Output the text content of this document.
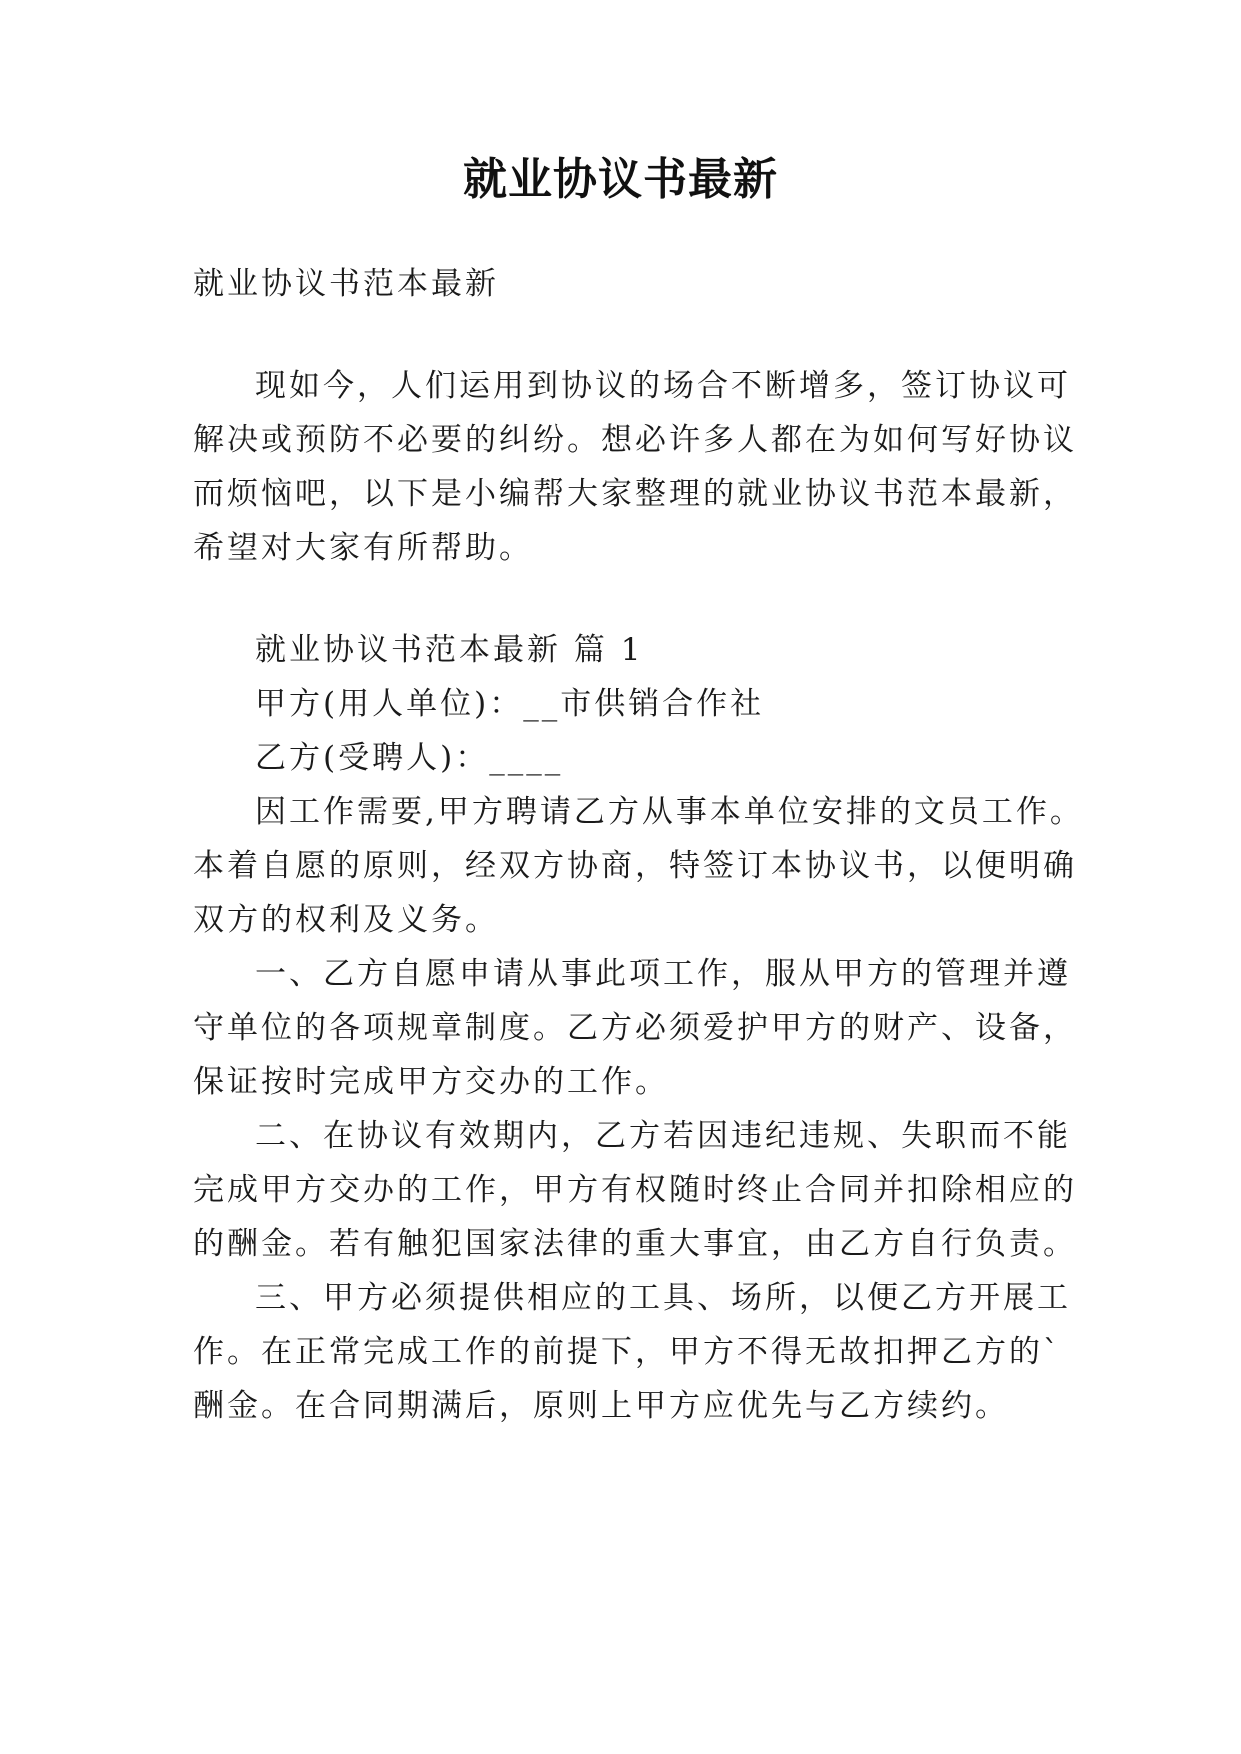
就业协议书最新
就业协议书范本最新
现如今，人们运用到协议的场合不断增多，签订协议可
解决或预防不必要的纠纷。想必许多人都在为如何写好协议
而烦恼吧，以下是小编帮大家整理的就业协议书范本最新，
希望对大家有所帮助。
就业协议书范本最新 篇 1
甲方(用人单位)：__市供销合作社
乙方(受聘人)：____
因工作需要,甲方聘请乙方从事本单位安排的文员工作。
本着自愿的原则，经双方协商，特签订本协议书，以便明确
双方的权利及义务。
一、乙方自愿申请从事此项工作，服从甲方的管理并遵
守单位的各项规章制度。乙方必须爱护甲方的财产、设备，
保证按时完成甲方交办的工作。
二、在协议有效期内，乙方若因违纪违规、失职而不能
完成甲方交办的工作，甲方有权随时终止合同并扣除相应的
的酬金。若有触犯国家法律的重大事宜，由乙方自行负责。
三、甲方必须提供相应的工具、场所，以便乙方开展工
作。在正常完成工作的前提下，甲方不得无故扣押乙方的`
酬金。在合同期满后，原则上甲方应优先与乙方续约。
